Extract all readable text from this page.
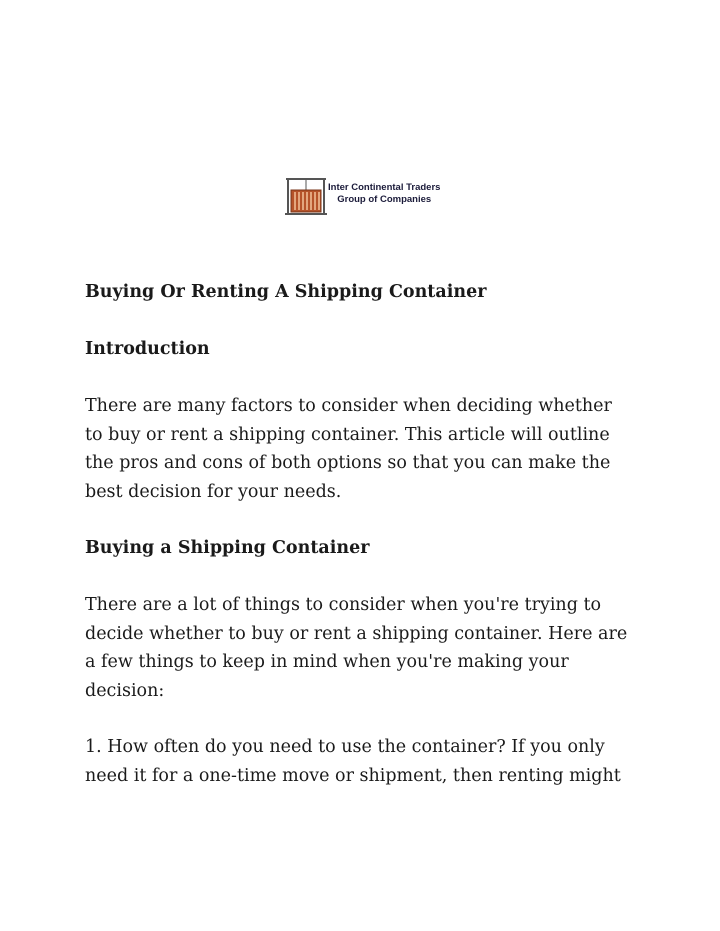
Inter Continental Traders
Group of Companies

Buying Or Renting A Shipping Container

Introduction

There are many factors to consider when deciding whether
to buy or rent a shipping container. This article will outline
the pros and cons of both options so that you can make the
best decision for your needs.

Buying a Shipping Container

There are a lot of things to consider when you're trying to
decide whether to buy or rent a shipping container. Here are
a few things to keep in mind when you're making your
decision:

1. How often do you need to use the container? If you only
need it for a one-time move or shipment, then renting might
